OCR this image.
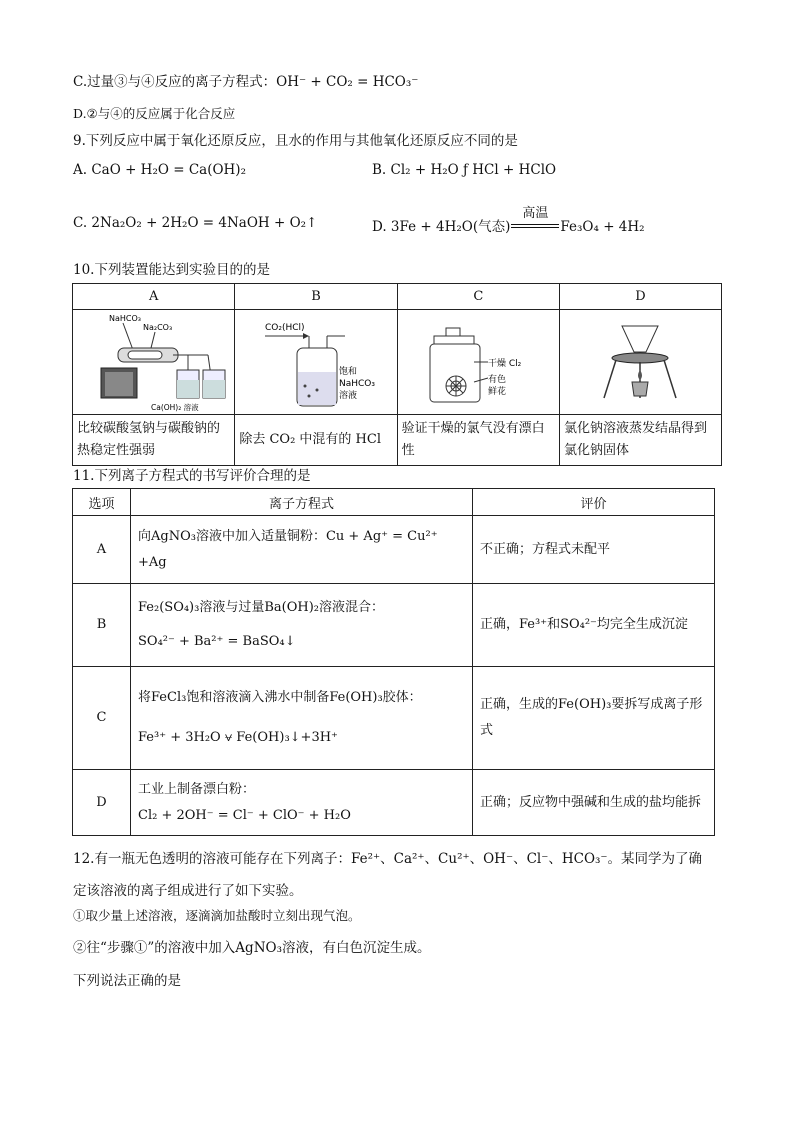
C.过量③与④反应的离子方程式：OH⁻ + CO₂ = HCO₃⁻
D.②与④的反应属于化合反应
9.下列反应中属于氧化还原反应，且水的作用与其他氧化还原反应不同的是
A. CaO + H₂O = Ca(OH)₂	B. Cl₂ + H₂O ƒ HCl + HClO
C. 2Na₂O₂ + 2H₂O = 4NaOH + O₂↑	D. 3Fe + 4H₂O(气态)
高温
Fe₃O₄ + 4H₂
10.下列装置能达到实验目的的是
A	B	C	D

NaHCO₃
Na₂CO₃
Ca(OH)₂ 溶液	CO₂(HCl)
饱和
NaHCO₃
溶液	干燥 Cl₂
有色
鲜花

比较碳酸氢钠与碳酸钠的热稳定性强弱	除去 CO₂ 中混有的 HCl	验证干燥的氯气没有漂白性	氯化钠溶液蒸发结晶得到氯化钠固体
11.下列离子方程式的书写评价合理的是
选项	离子方程式	评价
A	向AgNO₃溶液中加入适量铜粉：Cu + Ag⁺ = Cu²⁺
+Ag	不正确；方程式未配平
B	Fe₂(SO₄)₃溶液与过量Ba(OH)₂溶液混合：
SO₄²⁻ + Ba²⁺ = BaSO₄↓	正确，Fe³⁺和SO₄²⁻均完全生成沉淀
C	将FeCl₃饱和溶液滴入沸水中制备Fe(OH)₃胶体：
Fe³⁺ + 3H₂O ⩝ Fe(OH)₃↓+3H⁺	正确，生成的Fe(OH)₃要拆写成离子形式
D	工业上制备漂白粉：
Cl₂ + 2OH⁻ = Cl⁻ + ClO⁻ + H₂O	正确；反应物中强碱和生成的盐均能拆
12.有一瓶无色透明的溶液可能存在下列离子：Fe²⁺、Ca²⁺、Cu²⁺、OH⁻、Cl⁻、HCO₃⁻。某同学为了确
定该溶液的离子组成进行了如下实验。
①取少量上述溶液，逐滴滴加盐酸时立刻出现气泡。
②往“步骤①”的溶液中加入AgNO₃溶液，有白色沉淀生成。
下列说法正确的是
